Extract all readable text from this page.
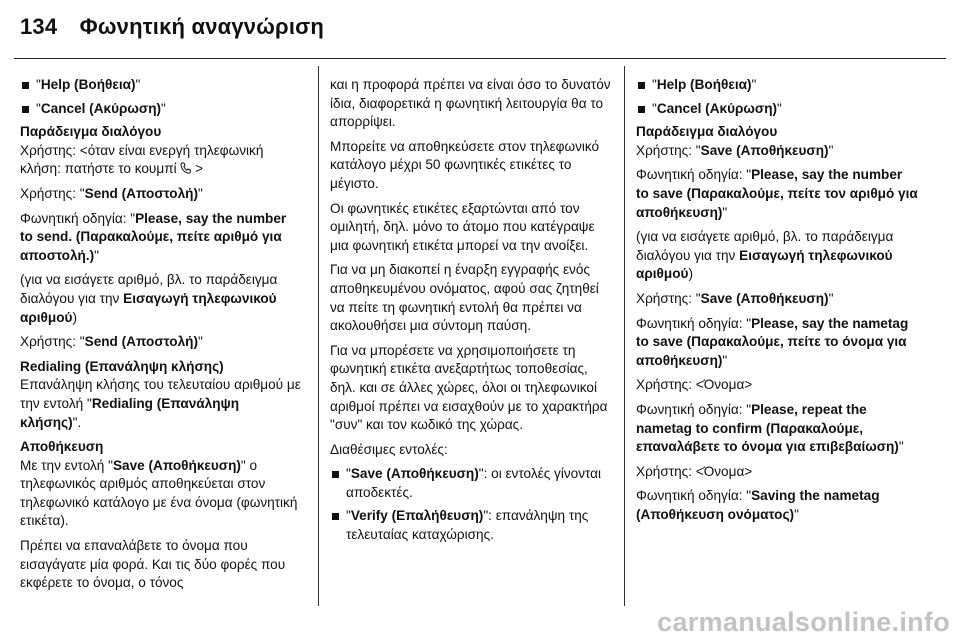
134 Φωνητική αναγνώριση

"Help (Βοήθεια)"

"Cancel (Ακύρωση)"

Παράδειγμα διαλόγου

Χρήστης: <όταν είναι ενεργή τηλεφωνική κλήση: πατήστε το κουμπί >

Χρήστης: "Send (Αποστολή)"

Φωνητική οδηγία: "Please, say the number to send. (Παρακαλούμε, πείτε αριθμό για αποστολή.)"

(για να εισάγετε αριθμό, βλ. το παράδειγμα διαλόγου για την Εισαγωγή τηλεφωνικού αριθμού)

Χρήστης: "Send (Αποστολή)"

Redialing (Επανάληψη κλήσης)

Επανάληψη κλήσης του τελευταίου αριθμού με την εντολή "Redialing (Επανάληψη κλήσης)".

Αποθήκευση

Με την εντολή "Save (Αποθήκευση)" ο τηλεφωνικός αριθμός αποθηκεύεται στον τηλεφωνικό κατάλογο με ένα όνομα (φωνητική ετικέτα).

Πρέπει να επαναλάβετε το όνομα που εισαγάγατε μία φορά. Και τις δύο φορές που εκφέρετε το όνομα, ο τόνος

και η προφορά πρέπει να είναι όσο το δυνατόν ίδια, διαφορετικά η φωνητική λειτουργία θα το απορρίψει.

Μπορείτε να αποθηκεύσετε στον τηλεφωνικό κατάλογο μέχρι 50 φωνητικές ετικέτες το μέγιστο.

Οι φωνητικές ετικέτες εξαρτώνται από τον ομιλητή, δηλ. μόνο το άτομο που κατέγραψε μια φωνητική ετικέτα μπορεί να την ανοίξει.

Για να μη διακοπεί η έναρξη εγγραφής ενός αποθηκευμένου ονόματος, αφού σας ζητηθεί να πείτε τη φωνητική εντολή θα πρέπει να ακολουθήσει μια σύντομη παύση.

Για να μπορέσετε να χρησιμοποιήσετε τη φωνητική ετικέτα ανεξαρτήτως τοποθεσίας, δηλ. και σε άλλες χώρες, όλοι οι τηλεφωνικοί αριθμοί πρέπει να εισαχθούν με το χαρακτήρα "συν" και τον κωδικό της χώρας.

Διαθέσιμες εντολές:

"Save (Αποθήκευση)": οι εντολές γίνονται αποδεκτές.

"Verify (Επαλήθευση)": επανάληψη της τελευταίας καταχώρισης.

"Help (Βοήθεια)"

"Cancel (Ακύρωση)"

Παράδειγμα διαλόγου

Χρήστης: "Save (Αποθήκευση)"

Φωνητική οδηγία: "Please, say the number to save (Παρακαλούμε, πείτε τον αριθμό για αποθήκευση)"

(για να εισάγετε αριθμό, βλ. το παράδειγμα διαλόγου για την Εισαγωγή τηλεφωνικού αριθμού)

Χρήστης: "Save (Αποθήκευση)"

Φωνητική οδηγία: "Please, say the nametag to save (Παρακαλούμε, πείτε το όνομα για αποθήκευση)"

Χρήστης: <Όνομα>

Φωνητική οδηγία: "Please, repeat the nametag to confirm (Παρακαλούμε, επαναλάβετε το όνομα για επιβεβαίωση)"

Χρήστης: <Όνομα>

Φωνητική οδηγία: "Saving the nametag (Αποθήκευση ονόματος)"

carmanualsonline.info
